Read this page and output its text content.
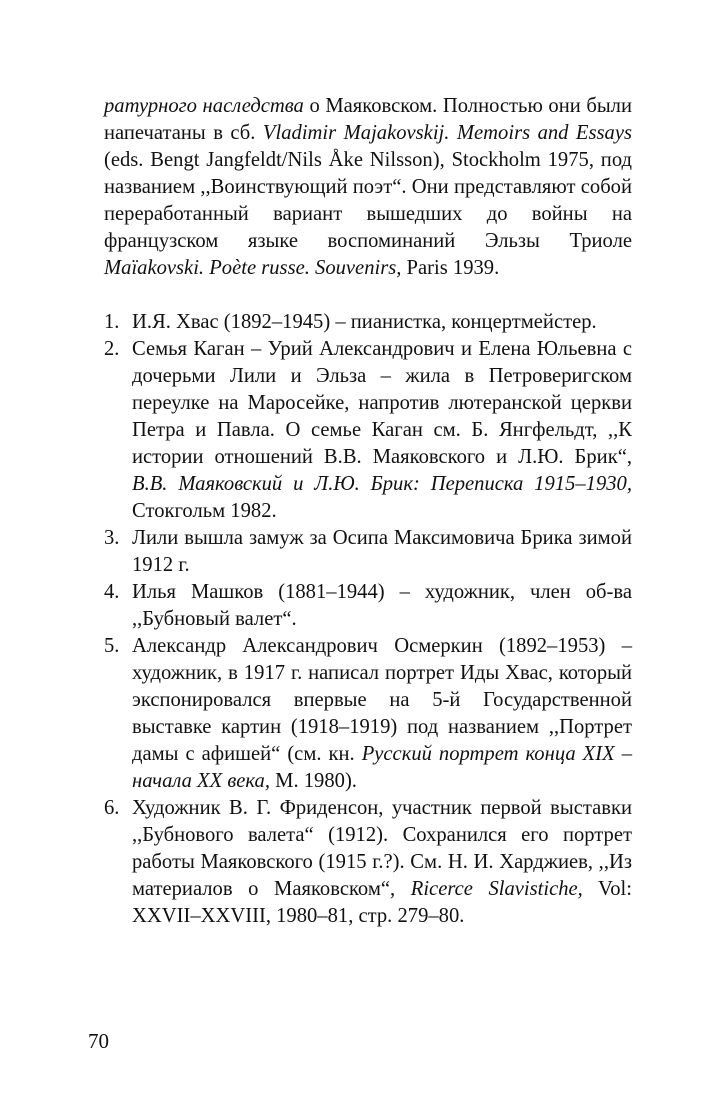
ратурного наследства о Маяковском. Полностью они были напечатаны в сб. Vladimir Majakovskij. Memoirs and Essays (eds. Bengt Jangfeldt/Nils Åke Nilsson), Stockholm 1975, под названием ,,Воинствующий поэт“. Они представляют собой переработанный вариант вышедших до войны на французском языке воспоминаний Эльзы Триоле Maïakovski. Poète russe. Souvenirs, Paris 1939.

1. И.Я. Хвас (1892–1945) – пианистка, концертмейстер.
2. Семья Каган – Урий Александрович и Елена Юльевна с дочерьми Лили и Эльза – жила в Петроверигском переулке на Маросейке, напротив лютеранской церкви Петра и Павла. О семье Каган см. Б. Янгфельдт, ,,К истории отношений В.В. Маяковского и Л.Ю. Брик“, В.В. Маяковский и Л.Ю. Брик: Переписка 1915–1930, Стокгольм 1982.
3. Лили вышла замуж за Осипа Максимовича Брика зимой 1912 г.
4. Илья Машков (1881–1944) – художник, член об-ва ,,Бубновый валет“.
5. Александр Александрович Осмеркин (1892–1953) – художник, в 1917 г. написал портрет Иды Хвас, который экспонировался впервые на 5-й Государственной выставке картин (1918–1919) под названием ,,Портрет дамы с афишей“ (см. кн. Русский портрет конца XIX – начала XX века, М. 1980).
6. Художник В. Г. Фриденсон, участник первой выставки ,,Бубнового валета“ (1912). Сохранился его портрет работы Маяковского (1915 г.?). См. Н. И. Харджиев, ,,Из материалов о Маяковском“, Ricerce Slavistiche, Vol: XXVII–XXVIII, 1980–81, стр. 279–80.
70
